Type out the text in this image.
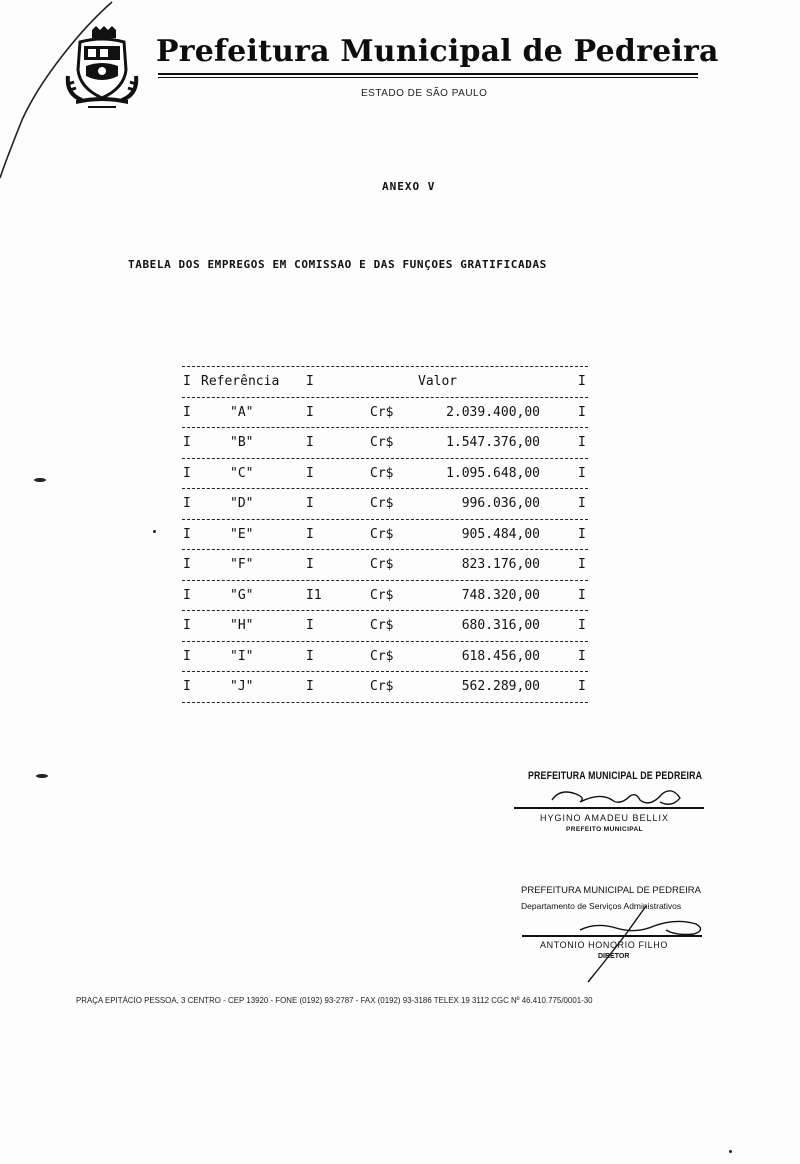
Prefeitura Municipal de Pedreira
ESTADO DE SÃO PAULO
ANEXO V
TABELA DOS EMPREGOS EM COMISSAO E DAS FUNÇOES GRATIFICADAS
I Referência I	Valor	I
I	"A"	I	Cr$	2.039.400,00	I
I	"B"	I	Cr$	1.547.376,00	I
I	"C"	I	Cr$	1.095.648,00	I
I	"D"	I	Cr$	996.036,00	I
I	"E"	I	Cr$	905.484,00	I
I	"F"	I	Cr$	823.176,00	I
I	"G"	I1	Cr$	748.320,00	I
I	"H"	I	Cr$	680.316,00	I
I	"I"	I	Cr$	618.456,00	I
I	"J"	I	Cr$	562.289,00	I
PREFEITURA MUNICIPAL DE PEDREIRA
HYGINO AMADEU BELLIX
PREFEITO MUNICIPAL
PREFEITURA MUNICIPAL DE PEDREIRA
Departamento de Serviços Administrativos
ANTONIO HONORIO FILHO
DIRETOR
PRAÇA EPITÁCIO PESSOA, 3 CENTRO - CEP 13920 - FONE (0192) 93-2787 - FAX (0192) 93-3186 TELEX 19 3112 CGC Nº 46.410.775/0001-30
